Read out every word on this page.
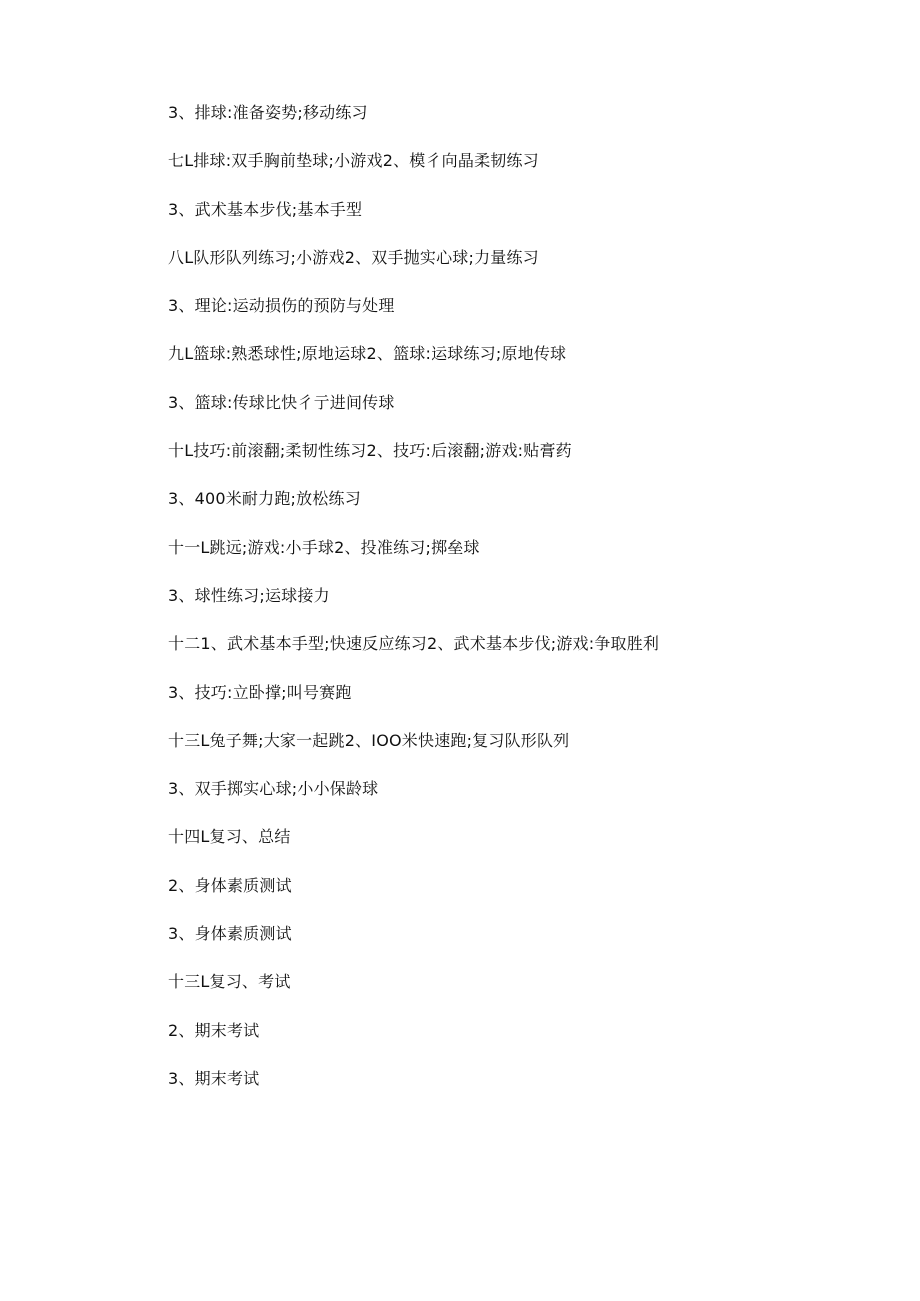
3、排球:准备姿势;移动练习
七L排球:双手胸前垫球;小游戏2、模彳向晶柔韧练习
3、武术基本步伐;基本手型
八L队形队列练习;小游戏2、双手抛实心球;力量练习
3、理论:运动损伤的预防与处理
九L篮球:熟悉球性;原地运球2、篮球:运球练习;原地传球
3、篮球:传球比快彳亍进间传球
十L技巧:前滚翻;柔韧性练习2、技巧:后滚翻;游戏:贴膏药
3、400米耐力跑;放松练习
十一L跳远;游戏:小手球2、投准练习;掷垒球
3、球性练习;运球接力
十二1、武术基本手型;快速反应练习2、武术基本步伐;游戏:争取胜利
3、技巧:立卧撑;叫号赛跑
十三L兔子舞;大家一起跳2、IOO米快速跑;复习队形队列
3、双手掷实心球;小小保龄球
十四L复习、总结
2、身体素质测试
3、身体素质测试
十三L复习、考试
2、期末考试
3、期末考试
